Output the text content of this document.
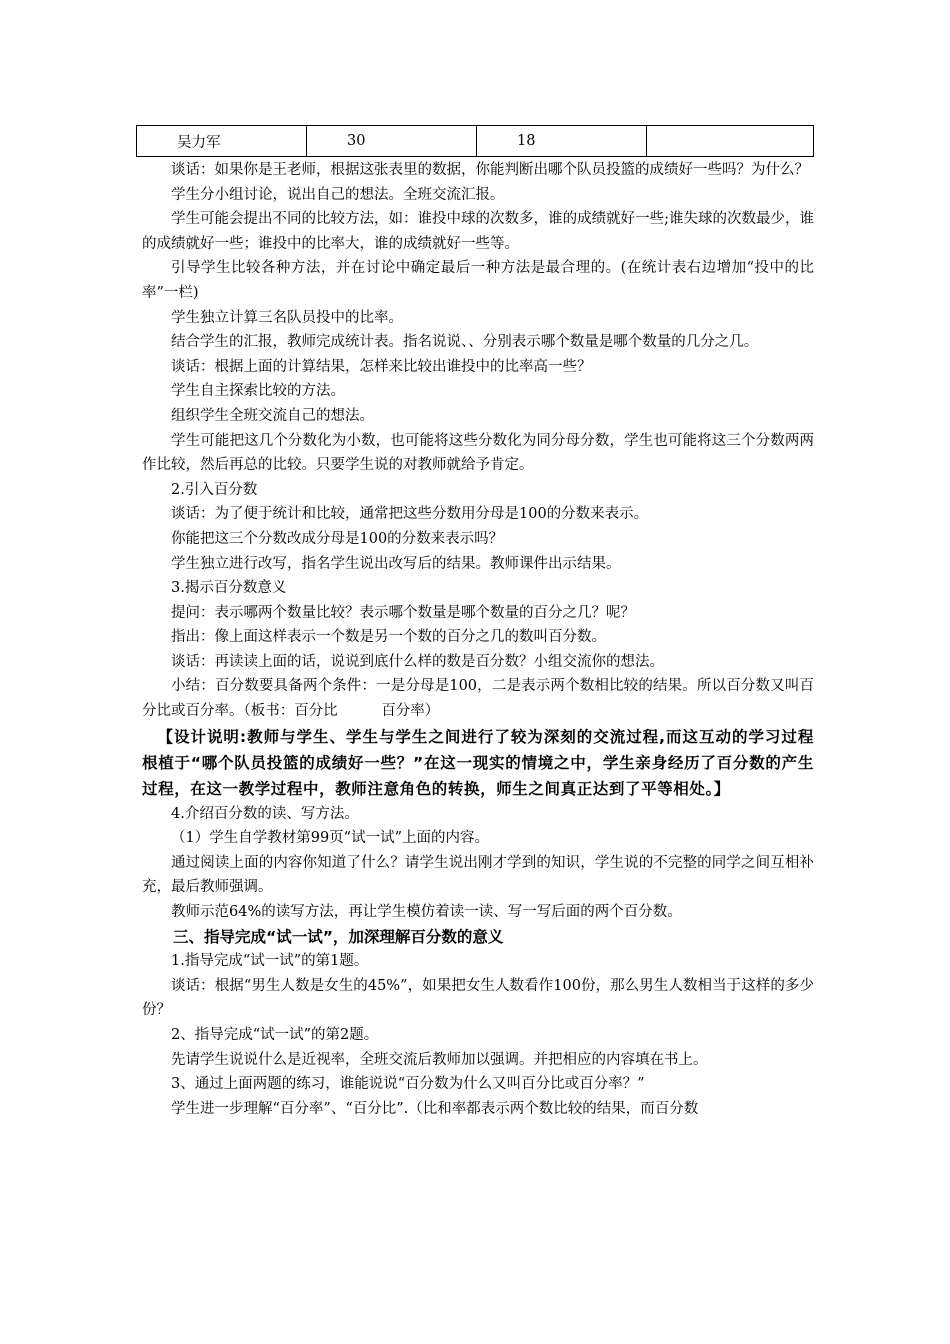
吴力军	30	18	

谈话：如果你是王老师，根据这张表里的数据，你能判断出哪个队员投篮的成绩好一些吗？为什么？

学生分小组讨论，说出自己的想法。全班交流汇报。

学生可能会提出不同的比较方法，如：谁投中球的次数多，谁的成绩就好一些;谁失球的次数最少，谁的成绩就好一些；谁投中的比率大，谁的成绩就好一些等。

引导学生比较各种方法，并在讨论中确定最后一种方法是最合理的。(在统计表右边增加“投中的比率”一栏)

学生独立计算三名队员投中的比率。

结合学生的汇报，教师完成统计表。指名说说、、分别表示哪个数量是哪个数量的几分之几。

谈话：根据上面的计算结果，怎样来比较出谁投中的比率高一些？

学生自主探索比较的方法。

组织学生全班交流自己的想法。

学生可能把这几个分数化为小数，也可能将这些分数化为同分母分数，学生也可能将这三个分数两两作比较，然后再总的比较。只要学生说的对教师就给予肯定。

2.引入百分数

谈话：为了便于统计和比较，通常把这些分数用分母是100的分数来表示。

你能把这三个分数改成分母是100的分数来表示吗？

学生独立进行改写，指名学生说出改写后的结果。教师课件出示结果。

3.揭示百分数意义

提问：表示哪两个数量比较？表示哪个数量是哪个数量的百分之几？呢？

指出：像上面这样表示一个数是另一个数的百分之几的数叫百分数。

谈话：再读读上面的话，说说到底什么样的数是百分数？小组交流你的想法。

小结：百分数要具备两个条件：一是分母是100，二是表示两个数相比较的结果。所以百分数又叫百分比或百分率。（板书：百分比　　　百分率）

【设计说明:教师与学生、学生与学生之间进行了较为深刻的交流过程,而这互动的学习过程根植于“哪个队员投篮的成绩好一些？”在这一现实的情境之中，学生亲身经历了百分数的产生过程，在这一教学过程中，教师注意角色的转换，师生之间真正达到了平等相处。】

4.介绍百分数的读、写方法。

（1）学生自学教材第99页“试一试”上面的内容。

通过阅读上面的内容你知道了什么？请学生说出刚才学到的知识，学生说的不完整的同学之间互相补充，最后教师强调。

教师示范64%的读写方法，再让学生模仿着读一读、写一写后面的两个百分数。

三、指导完成“试一试”，加深理解百分数的意义

1.指导完成“试一试”的第1题。

谈话：根据“男生人数是女生的45%”，如果把女生人数看作100份，那么男生人数相当于这样的多少份？

2、指导完成“试一试”的第2题。

先请学生说说什么是近视率，全班交流后教师加以强调。并把相应的内容填在书上。

3、通过上面两题的练习，谁能说说“百分数为什么又叫百分比或百分率？”

学生进一步理解“百分率”、“百分比”.（比和率都表示两个数比较的结果，而百分数
